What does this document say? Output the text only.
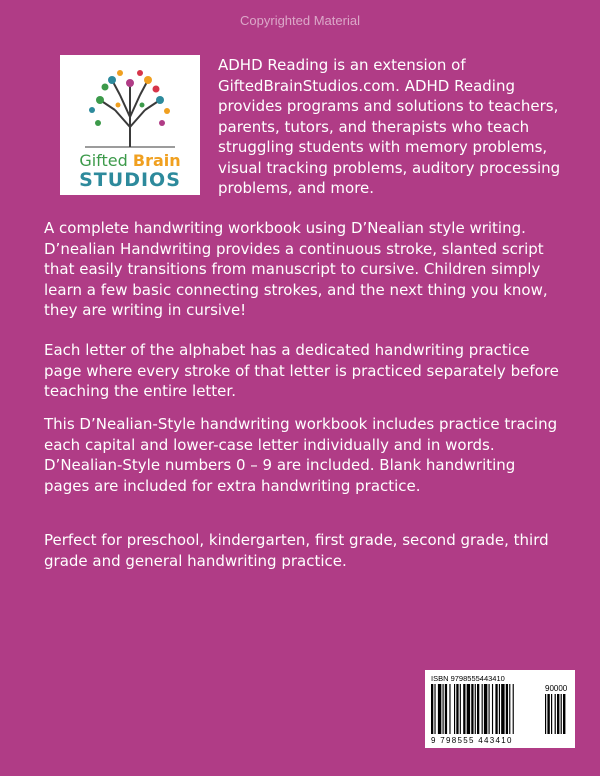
Copyrighted Material
Gifted Brain
STUDIOS

ADHD Reading is an extension of GiftedBrainStudios.com. ADHD Reading provides programs and solutions to teachers, parents, tutors, and therapists who teach struggling students with memory problems, visual tracking problems, auditory processing problems, and more.

A complete handwriting workbook using D’Nealian style writing. D’nealian Handwriting provides a continuous stroke, slanted script that easily transitions from manuscript to cursive. Children simply learn a few basic connecting strokes, and the next thing you know, they are writing in cursive!

Each letter of the alphabet has a dedicated handwriting practice page where every stroke of that letter is practiced separately before teaching the entire letter.

This D’Nealian-Style handwriting workbook includes practice tracing each capital and lower-case letter individually and in words. D’Nealian-Style numbers 0 – 9 are included. Blank handwriting pages are included for extra handwriting practice.

Perfect for preschool, kindergarten, first grade, second grade, third grade and general handwriting practice.

ISBN 9798555443410
90000
9 798555 443410
